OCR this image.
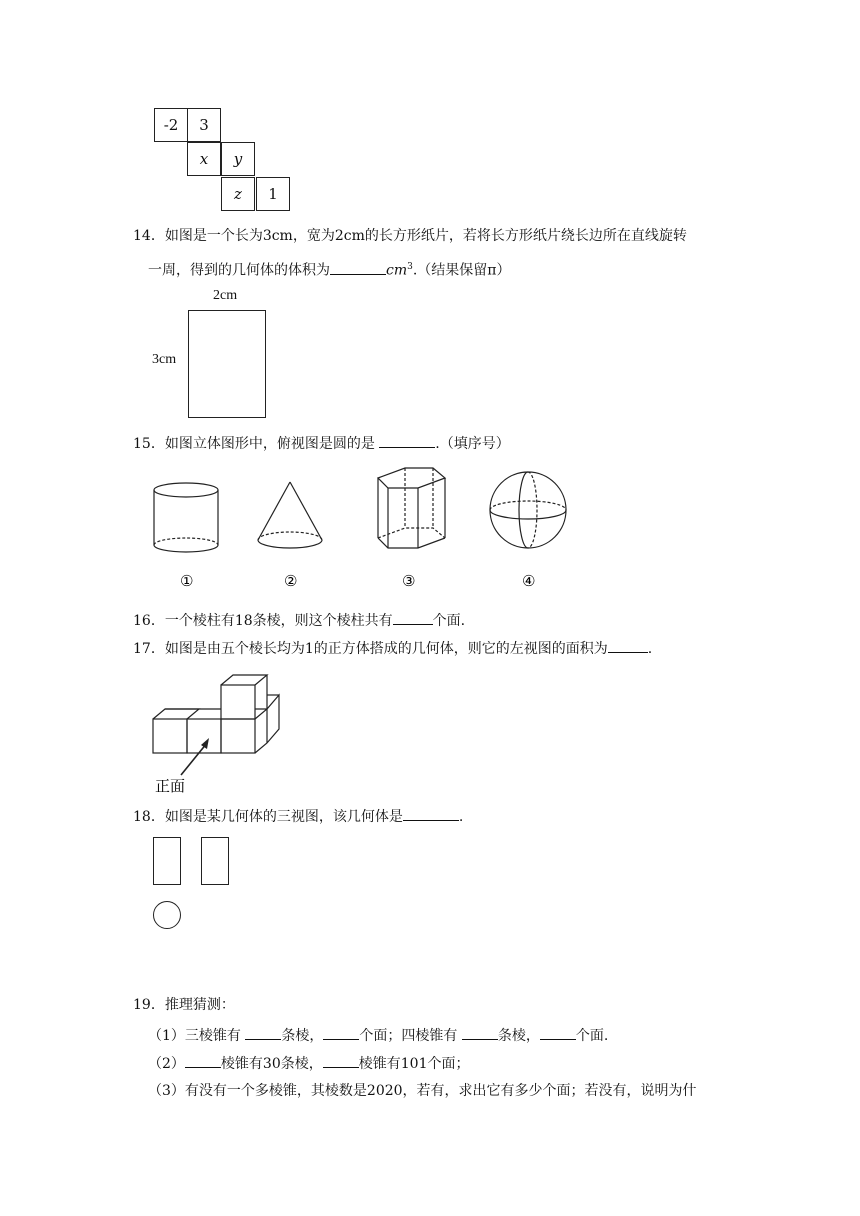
-2 3
x y
z 1
14．如图是一个长为3cm，宽为2cm的长方形纸片，若将长方形纸片绕长边所在直线旋转
一周，得到的几何体的体积为	$cm^3$.（结果保留π）
2cm
3cm
15．如图立体图形中，俯视图是圆的是	.（填序号）
①	②	③	④
16．一个棱柱有18条棱，则这个棱柱共有	个面.
17．如图是由五个棱长均为1的正方体搭成的几何体，则它的左视图的面积为	.
正面
18．如图是某几何体的三视图，该几何体是	.
19．推理猜测：
（1）三棱锥有	条棱，	个面；四棱锥有	条棱，	个面.
（2）	棱锥有30条棱，	棱锥有101个面；
（3）有没有一个多棱锥，其棱数是2020，若有，求出它有多少个面；若没有，说明为什
